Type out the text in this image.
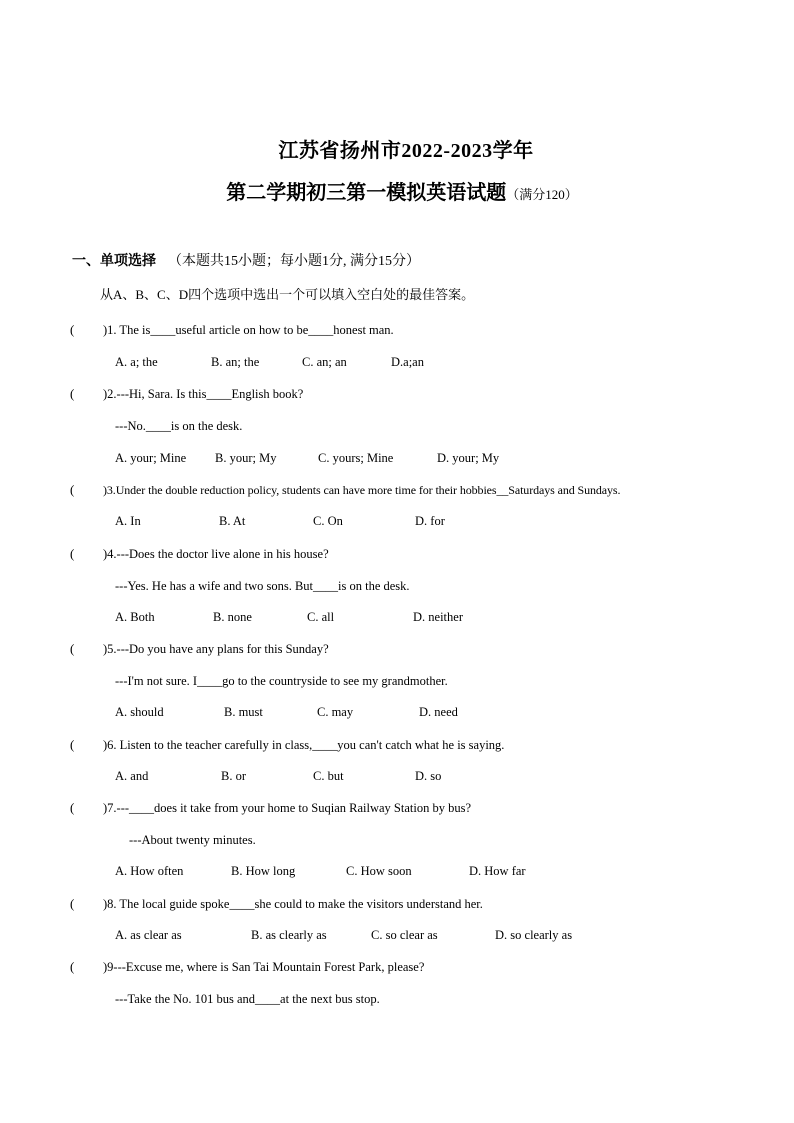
江苏省扬州市2022-2023学年
第二学期初三第一模拟英语试题（满分120）
一、单项选择 （本题共15小题；每小题1分, 满分15分）
从A、B、C、D四个选项中选出一个可以填入空白处的最佳答案。
( )1. The is____useful article on how to be____honest man.
A. a; the	B. an; the	C. an; an	D.a;an
( )2.---Hi, Sara. Is this____English book?
---No.____is on the desk.
A. your; Mine B. your; My	C. yours; Mine	D. your; My
( )3.Under the double reduction policy, students can have more time for their hobbies__Saturdays and Sundays.
A. In	B. At	C. On	D. for
( )4.---Does the doctor live alone in his house?
---Yes. He has a wife and two sons. But____is on the desk.
A. Both	B. none	C. all	D. neither
( )5.---Do you have any plans for this Sunday?
---I'm not sure. I____go to the countryside to see my grandmother.
A. should	B. must	C. may	D. need
( )6. Listen to the teacher carefully in class,____you can't catch what he is saying.
A. and	B. or	C. but	D. so
( )7.---____does it take from your home to Suqian Railway Station by bus?
---About twenty minutes.
A. How often	B. How long	C. How soon	D. How far
( )8. The local guide spoke____she could to make the visitors understand her.
A. as clear as	B. as clearly as	C. so clear as	D. so clearly as
( )9---Excuse me, where is San Tai Mountain Forest Park, please?
---Take the No. 101 bus and____at the next bus stop.
